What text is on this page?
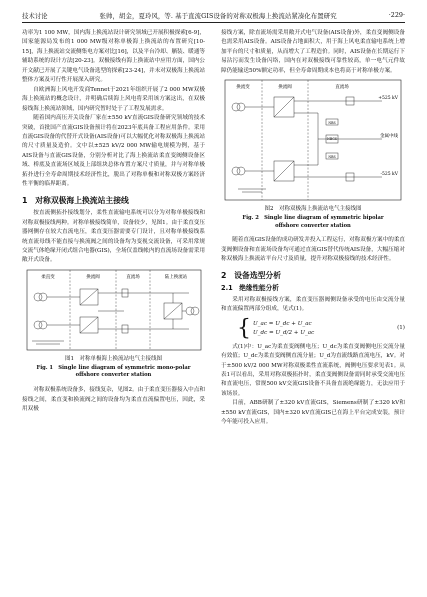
技术讨论	张帅，胡金，夏玲风，等. 基于直流GIS设备的对称双极海上换流站紧凑化布置研究	·229·

功率为1 100 MW，国内海上换流站设计研究领域已开展积极探索[6-9]，国家能源局发布的1 000 MW级对称单极海上换流站的布置研究[10-15]，海上换流站交流侧集电方案对比[16]，以及平台冷却、舾装、暖通等辅助系统的设计方法[20-23]。双极接线有海上换流站中应用方面，国内公开文献已开展了关键电气设备选型的探索[23-24]，并未对双极海上换流站整体方案及可行性开展深入研究。

自欧洲海上风电开发商Tennet于2021年组织开展了2 000 MW双极海上换流站的概念设计，并明确后续海上风电将采用该方案这出，在双极接线海上换流站领域，国内研究暂时处于了工程发展需求。

随着国内高压开关设备厂家在±550 kV直流GIS设备研究领域的技术突破，首批国产直流GIS设备预计将在2023年底具备工程应用条件。采用直流GIS设备的代替开式设备(AIS设备)可以大幅优化对称双极海上换流站的尺寸质量及造价。文中以±525 kV/2 000 MW输电规模为例，基于AIS设备与直流GIS设备，分别分析对比了海上换流站柔直变阀侧设备区域、桥底及直流场区域及上部组块总体布置方案尺寸质量，并与对称单极拓扑进行全寿命周期技术经济性比，脱出了对称单极和对称双极方案经济性平衡的临界距离。

1　对称双极海上换流站主接线

按直流侧拓扑接线划分，柔性直流输电系统可以分为对称单极接线和对称双极接线两种。对称单极接线简单，设备较少，见图1。由于柔直变压器网侧存在较大直流电压，柔直变压器需要专门设计，且对称单极接线系统直流母线不能直接与换流阀之间的设备均为变视交流设备，可采用常规交流气体绝缘开闭式组合电器(GIS)，全场仅盖线帐内的直流场设备需采用敞开式设备。

柔直变	换流阀	直流场	陆上换流站
图1　对称单极海上换流站电气主接线图
Fig. 1　Single line diagram of symmetric mono-polar offshore converter station

对称双极系统设备多，接线复杂，见图2。由于柔直变压器接入中点和接线之间，柔直变和换流阀之间的设备均为柔直直流偏置电压，因此，采用双极

接线方案，除直流场需采用敞开式电气设备(AIS设备)外，柔直变阀侧设备也需采用AIS设备。AIS设备占地面积大，用于海上风电柔直输电系统上增加平台的尺寸和质量，从而增大了工程造价。同时，AIS设备在长期运行下易沾污而发生设备闪络，国内在对双极接线可靠性较高，单一电气元件故障仍能输送50%额定功率，但全寿命周期成本也将高于对称单极方案。

换流阀
换流变	直流场
NBS
NBGS
NBS
+525 kV
金属中线
-525 kV
图2　对称双极海上换流站电气主接线图
Fig. 2　Single line diagram of symmetric bipolar offshore converter station

随着直流GIS设备的成功研发并投入工程运行，对称双极方案中的柔直变阀侧设备和直流场设备均可通过直流GIS替代传统AIS设备，大幅压缩对称双极海上换流站平台尺寸及质量，提升对称双极接线的技术经济性。

2　设备选型分析
2.1　绝缘性能分析

采用对称双极接线方案，柔直变压器阀侧设备承受的电压由交流分量和直流偏置两部分组成，见式(1)。

{ U_ac = U_dc + U_ac
U_dc = U_d/2 + U_ac
(1)

式(1)中：U_ac为柔直变阀侧电压；U_dc为柔直变阀侧电压交流分量有效值；U_dc为柔直变阀侧直流分量；U_d为直流线路直流电压，kV。对于±500 kV/2 000 MW对称双极柔性直流系统，阀侧电压要求见表1。从表1可以看出，采用对称双极拓扑时，柔直变阀侧设备需同时承受交流电压和直流电压，常规500 kV交流GIS设备不具备直流绝缘能力，无法应用于该场景。

目前，ABB研制了±320 kV直流GIS，Siemens研制了±320 kV和±550 kV直流GIS，国内±320 kV直流GIS已在海上平台完成安装，预计今年能可投入应用。
